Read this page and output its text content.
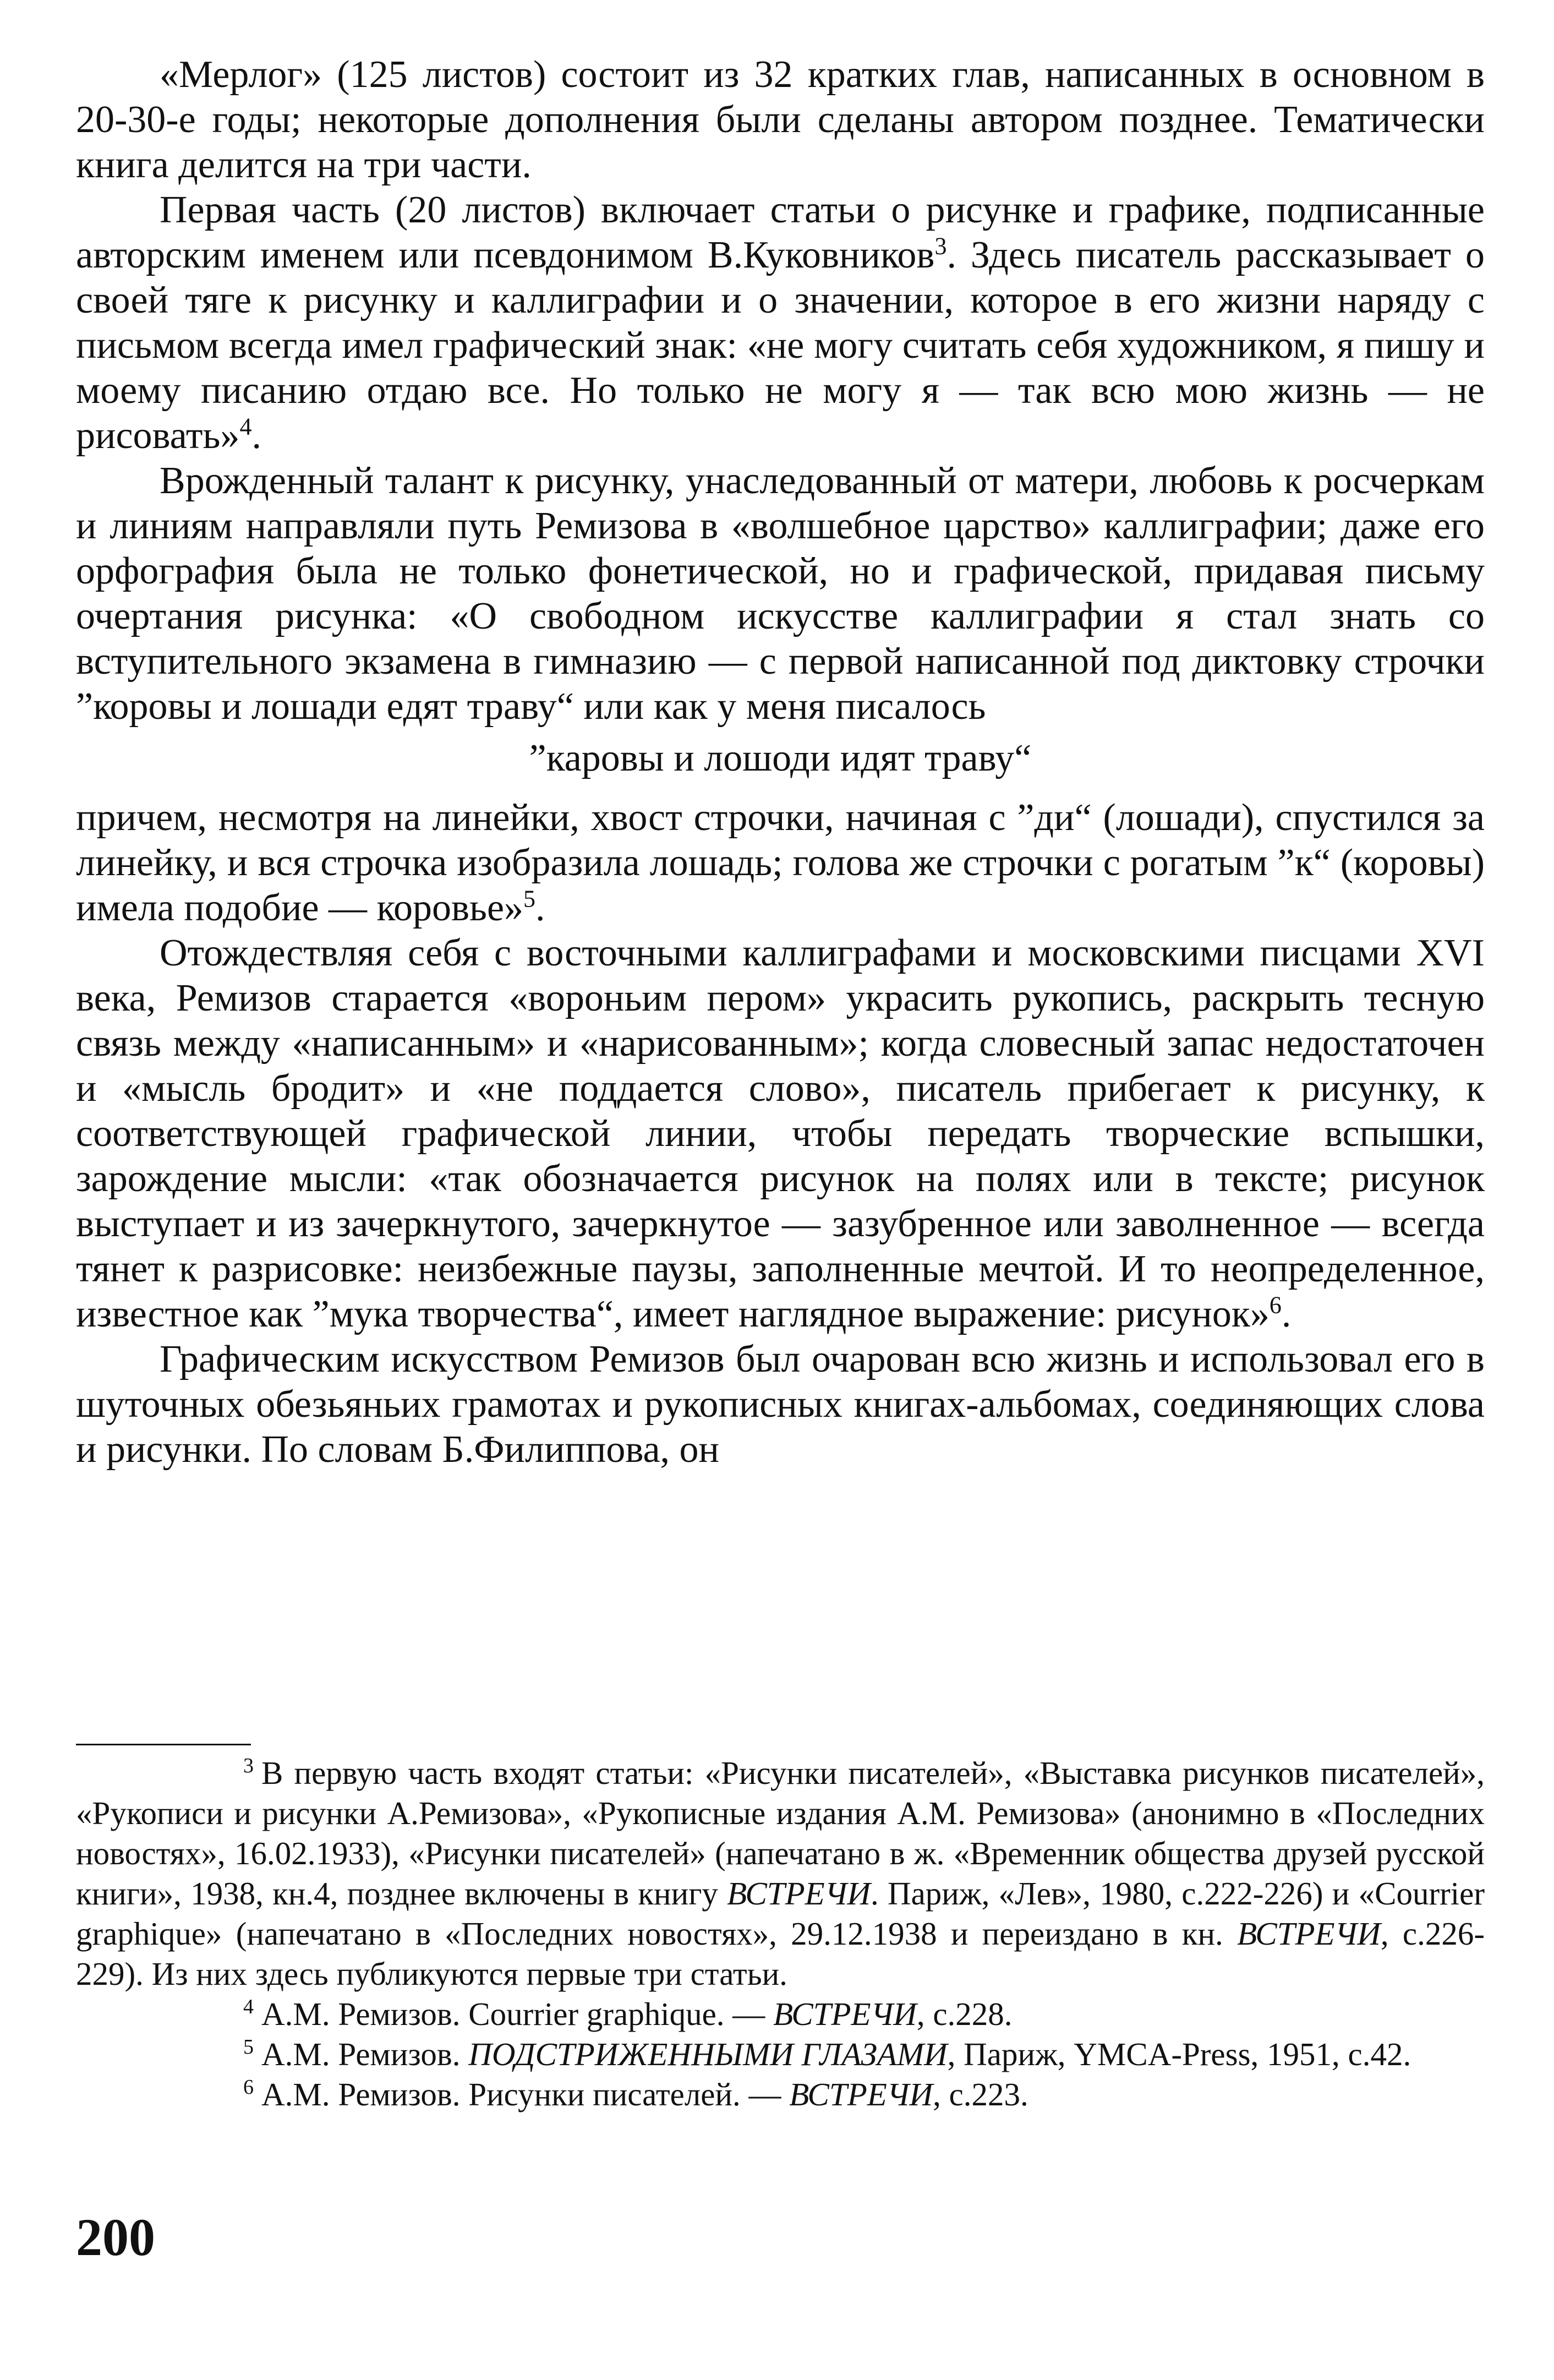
«Мерлог» (125 листов) состоит из 32 кратких глав, написанных в основном в 20-30-е годы; некоторые дополнения были сделаны автором позднее. Тематически книга делится на три части.

Первая часть (20 листов) включает статьи о рисунке и графике, подписанные авторским именем или псевдонимом В.Куковников$^3$. Здесь писатель рассказывает о своей тяге к рисунку и каллиграфии и о значении, которое в его жизни наряду с письмом всегда имел графический знак: «не могу считать себя художником, я пишу и моему писанию отдаю все. Но только не могу я — так всю мою жизнь — не рисовать»$^4$.

Врожденный талант к рисунку, унаследованный от матери, любовь к росчеркам и линиям направляли путь Ремизова в «волшебное царство» каллиграфии; даже его орфография была не только фонетической, но и графической, придавая письму очертания рисунка: «О свободном искусстве каллиграфии я стал знать со вступительного экзамена в гимназию — с первой написанной под диктовку строчки ”коровы и лошади едят траву“ или как у меня писалось

”каровы и лошоди идят траву“

причем, несмотря на линейки, хвост строчки, начиная с ”ди“ (лошади), спустился за линейку, и вся строчка изобразила лошадь; голова же строчки с рогатым ”к“ (коровы) имела подобие — коровье»$^5$.

Отождествляя себя с восточными каллиграфами и московскими писцами XVI века, Ремизов старается «вороньим пером» украсить рукопись, раскрыть тесную связь между «написанным» и «нарисованным»; когда словесный запас недостаточен и «мысль бродит» и «не поддается слово», писатель прибегает к рисунку, к соответствующей графической линии, чтобы передать творческие вспышки, зарождение мысли: «так обозначается рисунок на полях или в тексте; рисунок выступает и из зачеркнутого, зачеркнутое — зазубренное или заволненное — всегда тянет к разрисовке: неизбежные паузы, заполненные мечтой. И то неопределенное, известное как ”мука творчества“, имеет наглядное выражение: рисунок»$^6$.

Графическим искусством Ремизов был очарован всю жизнь и использовал его в шуточных обезьяньих грамотах и рукописных книгах-альбомах, соединяющих слова и рисунки. По словам Б.Филиппова, он

3 В первую часть входят статьи: «Рисунки писателей», «Выставка рисунков писателей», «Рукописи и рисунки А.Ремизова», «Рукописные издания А.М. Ремизова» (анонимно в «Последних новостях», 16.02.1933), «Рисунки писателей» (напечатано в ж. «Временник общества друзей русской книги», 1938, кн.4, позднее включены в книгу ВСТРЕЧИ. Париж, «Лев», 1980, с.222-226) и «Courrier graphique» (напечатано в «Последних новостях», 29.12.1938 и переиздано в кн. ВСТРЕЧИ, с.226-229). Из них здесь публикуются первые три статьи.

4 А.М. Ремизов. Courrier graphique. — ВСТРЕЧИ, с.228.

5 А.М. Ремизов. ПОДСТРИЖЕННЫМИ ГЛАЗАМИ, Париж, YMCA-Press, 1951, с.42.

6 А.М. Ремизов. Рисунки писателей. — ВСТРЕЧИ, с.223.

200
